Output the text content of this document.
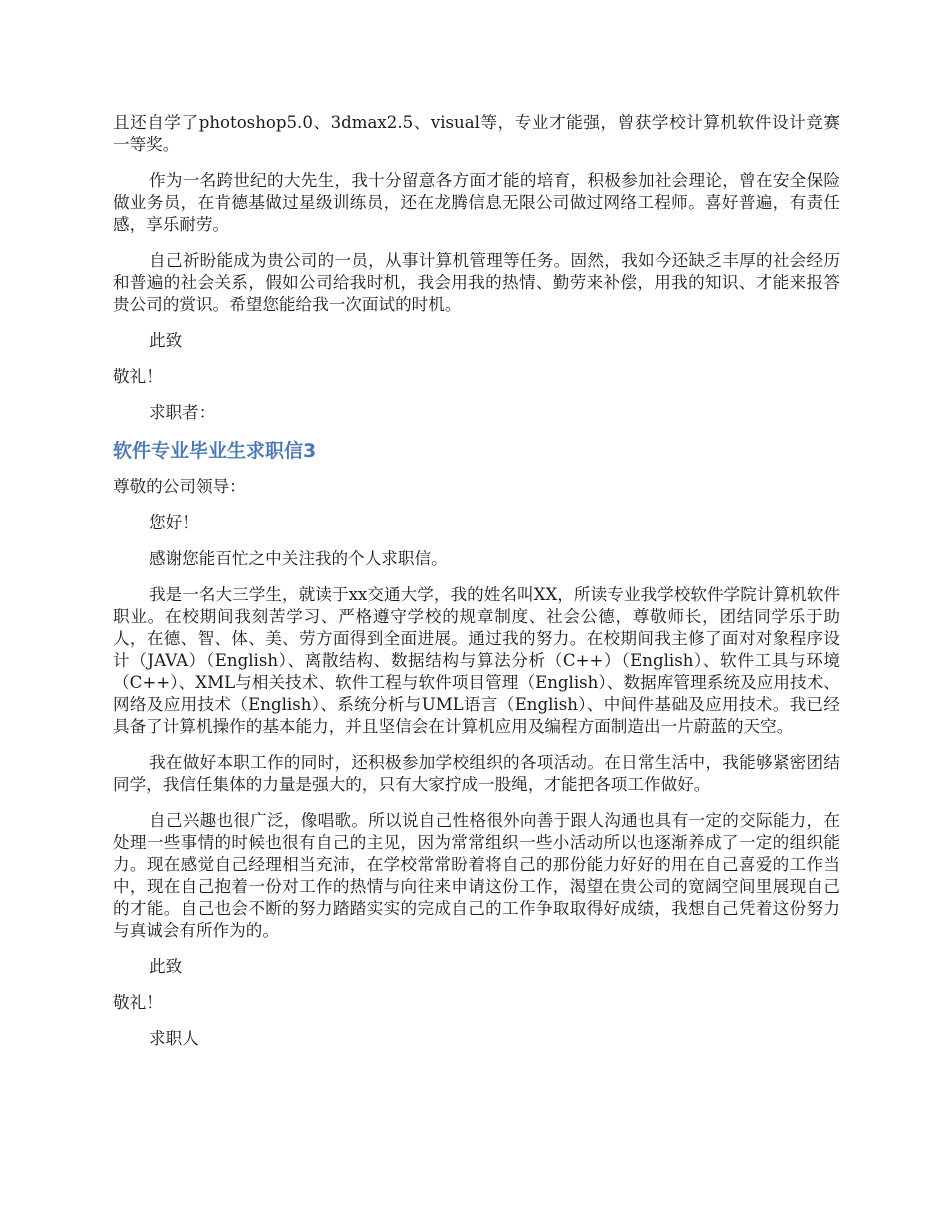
且还自学了photoshop5.0、3dmax2.5、visual等，专业才能强，曾获学校计算机软件设计竞赛一等奖。

作为一名跨世纪的大先生，我十分留意各方面才能的培育，积极参加社会理论，曾在安全保险做业务员，在肯德基做过星级训练员，还在龙腾信息无限公司做过网络工程师。喜好普遍，有责任感，享乐耐劳。

自己祈盼能成为贵公司的一员，从事计算机管理等任务。固然，我如今还缺乏丰厚的社会经历和普遍的社会关系，假如公司给我时机，我会用我的热情、勤劳来补偿，用我的知识、才能来报答贵公司的赏识。希望您能给我一次面试的时机。

此致

敬礼！

求职者：

软件专业毕业生求职信3

尊敬的公司领导：

您好！

感谢您能百忙之中关注我的个人求职信。

我是一名大三学生，就读于xx交通大学，我的姓名叫XX，所读专业我学校软件学院计算机软件职业。在校期间我刻苦学习、严格遵守学校的规章制度、社会公德，尊敬师长，团结同学乐于助人，在德、智、体、美、劳方面得到全面进展。通过我的努力。在校期间我主修了面对对象程序设计（JAVA）（English）、离散结构、数据结构与算法分析（C++）（English）、软件工具与环境（C++）、XML与相关技术、软件工程与软件项目管理（English）、数据库管理系统及应用技术、网络及应用技术（English）、系统分析与UML语言（English）、中间件基础及应用技术。我已经具备了计算机操作的基本能力，并且坚信会在计算机应用及编程方面制造出一片蔚蓝的天空。

我在做好本职工作的同时，还积极参加学校组织的各项活动。在日常生活中，我能够紧密团结同学，我信任集体的力量是强大的，只有大家拧成一股绳，才能把各项工作做好。

自己兴趣也很广泛，像唱歌。所以说自己性格很外向善于跟人沟通也具有一定的交际能力，在处理一些事情的时候也很有自己的主见，因为常常组织一些小活动所以也逐渐养成了一定的组织能力。现在感觉自己经理相当充沛，在学校常常盼着将自己的那份能力好好的用在自己喜爱的工作当中，现在自己抱着一份对工作的热情与向往来申请这份工作，渴望在贵公司的宽阔空间里展现自己的才能。自己也会不断的努力踏踏实实的完成自己的工作争取取得好成绩，我想自己凭着这份努力与真诚会有所作为的。

此致

敬礼！

求职人
